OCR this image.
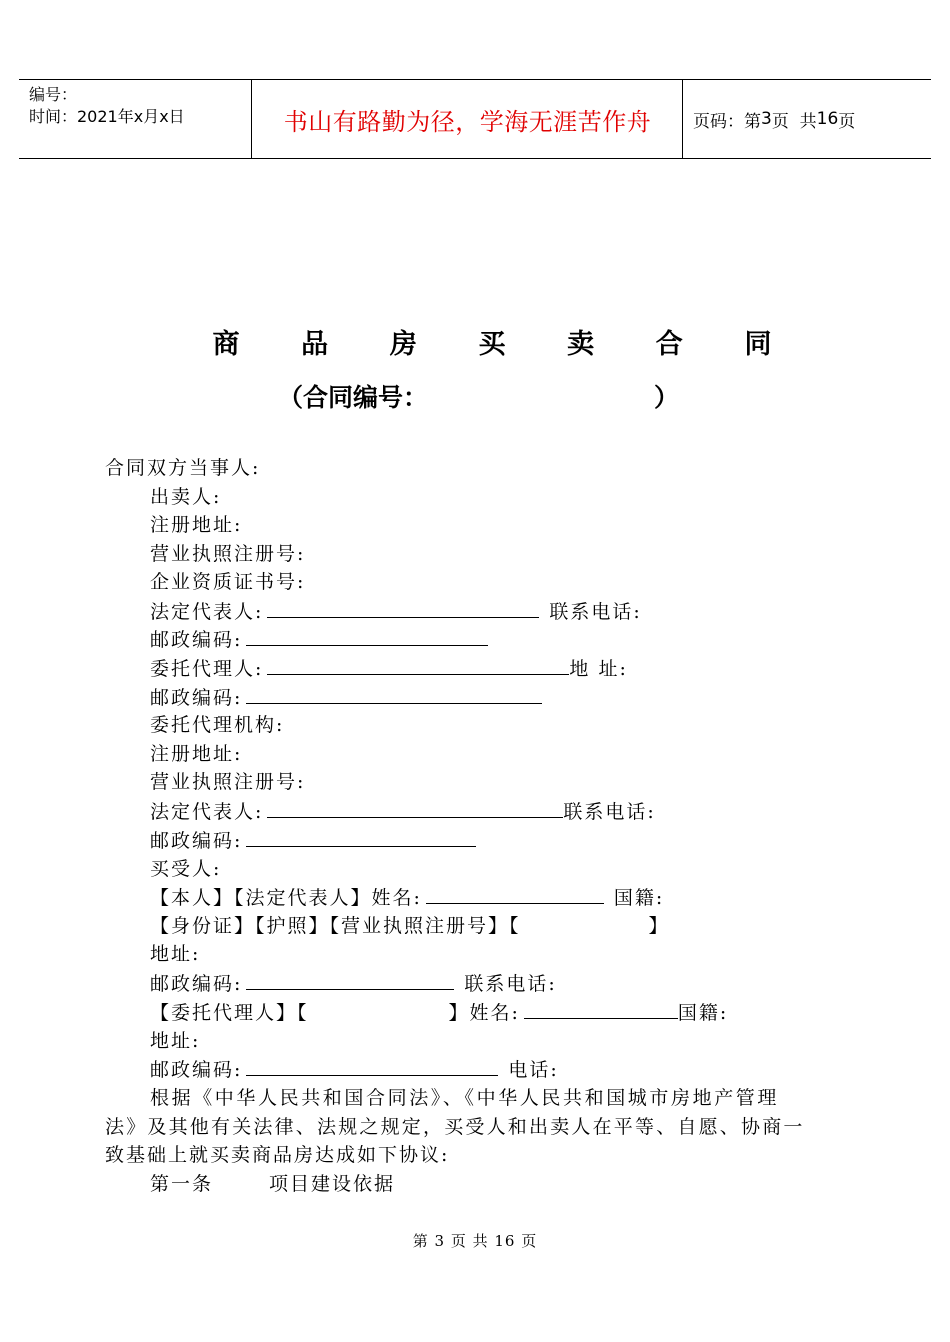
编号：
时间：2021年x月x日	书山有路勤为径，学海无涯苦作舟	页码：第 3 页  共 16 页
商 品 房 买 卖 合 同
（合同编号：	）
合同双方当事人:
出卖人:
注册地址:
营业执照注册号:
企业资质证书号:
法定代表人:	联系电话:
邮政编码:
委托代理人:	地 址:
邮政编码:
委托代理机构:
注册地址:
营业执照注册号:
法定代表人:	联系电话:
邮政编码:
买受人:
【本人】【法定代表人】姓名:	国籍:
【身份证】【护照】【营业执照注册号】【	】
地址:
邮政编码:	联系电话:
【委托代理人】【	】姓名:	国籍:
地址:
邮政编码:	电话:
根据《中华人民共和国合同法》、《中华人民共和国城市房地产管理
法》及其他有关法律、法规之规定，买受人和出卖人在平等、自愿、协商一
致基础上就买卖商品房达成如下协议:
第一条	项目建设依据
第 3 页 共 16 页
